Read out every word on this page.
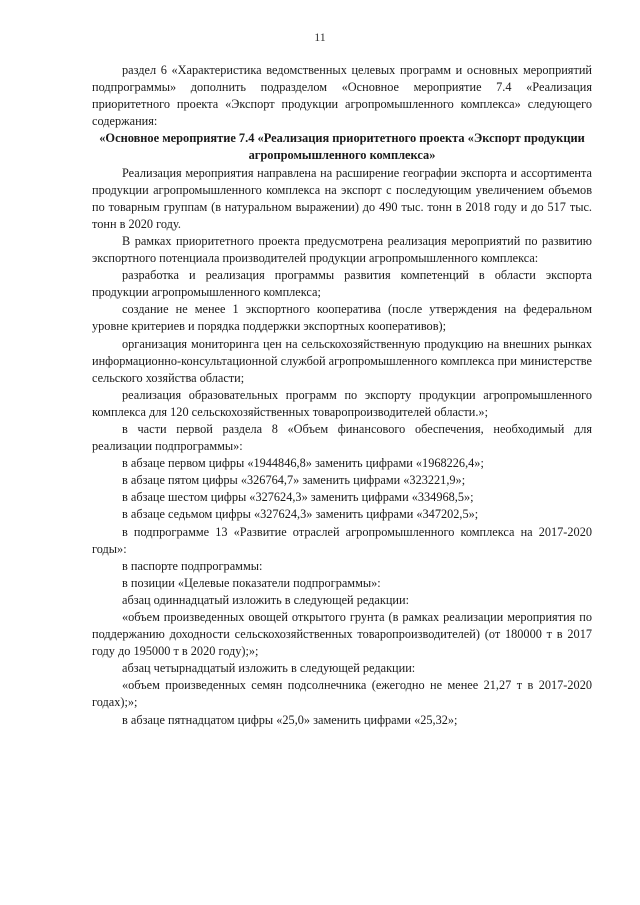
11

раздел 6 «Характеристика ведомственных целевых программ и основных мероприятий подпрограммы» дополнить подразделом «Основное мероприятие 7.4 «Реализация приоритетного проекта «Экспорт продукции агропромышленного комплекса» следующего содержания:

«Основное мероприятие 7.4 «Реализация приоритетного проекта «Экспорт продукции агропромышленного комплекса»

Реализация мероприятия направлена на расширение географии экспорта и ассортимента продукции агропромышленного комплекса на экспорт с последующим увеличением объемов по товарным группам (в натуральном выражении) до 490 тыс. тонн в 2018 году и до 517 тыс. тонн в 2020 году.

В рамках приоритетного проекта предусмотрена реализация мероприятий по развитию экспортного потенциала производителей продукции агропромышленного комплекса:

разработка и реализация программы развития компетенций в области экспорта продукции агропромышленного комплекса;

создание не менее 1 экспортного кооператива (после утверждения на федеральном уровне критериев и порядка поддержки экспортных кооперативов);

организация мониторинга цен на сельскохозяйственную продукцию на внешних рынках информационно-консультационной службой агропромышленного комплекса при министерстве сельского хозяйства области;

реализация образовательных программ по экспорту продукции агропромышленного комплекса для 120 сельскохозяйственных товаропроизводителей области.»;

в части первой раздела 8 «Объем финансового обеспечения, необходимый для реализации подпрограммы»:

в абзаце первом цифры «1944846,8» заменить цифрами «1968226,4»;

в абзаце пятом цифры «326764,7» заменить цифрами «323221,9»;

в абзаце шестом цифры «327624,3» заменить цифрами «334968,5»;

в абзаце седьмом цифры «327624,3» заменить цифрами «347202,5»;

в подпрограмме 13 «Развитие отраслей агропромышленного комплекса на 2017-2020 годы»:

в паспорте подпрограммы:

в позиции «Целевые показатели подпрограммы»:

абзац одиннадцатый изложить в следующей редакции:

«объем произведенных овощей открытого грунта (в рамках реализации мероприятия по поддержанию доходности сельскохозяйственных товаропроизводителей) (от 180000 т в 2017 году до 195000 т в 2020 году);»;

абзац четырнадцатый изложить в следующей редакции:

«объем произведенных семян подсолнечника (ежегодно не менее 21,27 т в 2017-2020 годах);»;

в абзаце пятнадцатом цифры «25,0» заменить цифрами «25,32»;
